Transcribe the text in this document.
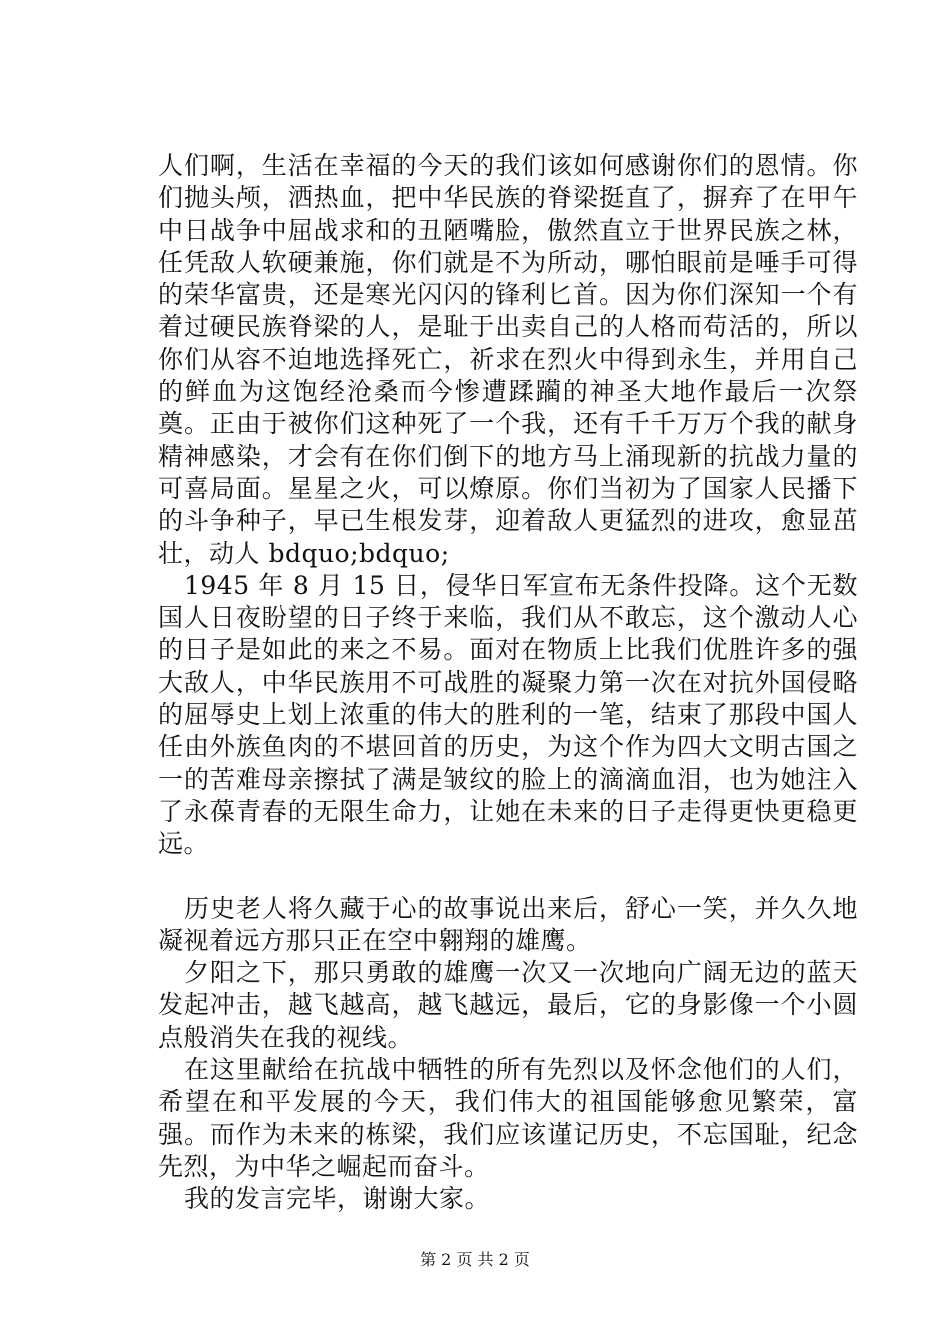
人们啊，生活在幸福的今天的我们该如何感谢你们的恩情。你们抛头颅，洒热血，把中华民族的脊梁挺直了，摒弃了在甲午中日战争中屈战求和的丑陋嘴脸，傲然直立于世界民族之林，任凭敌人软硬兼施，你们就是不为所动，哪怕眼前是唾手可得的荣华富贵，还是寒光闪闪的锋利匕首。因为你们深知一个有着过硬民族脊梁的人，是耻于出卖自己的人格而苟活的，所以你们从容不迫地选择死亡，祈求在烈火中得到永生，并用自己的鲜血为这饱经沧桑而今惨遭蹂躏的神圣大地作最后一次祭奠。正由于被你们这种死了一个我，还有千千万万个我的献身精神感染，才会有在你们倒下的地方马上涌现新的抗战力量的可喜局面。星星之火，可以燎原。你们当初为了国家人民播下的斗争种子，早已生根发芽，迎着敌人更猛烈的进攻，愈显茁壮，动人 bdquo;bdquo;

1945 年 8 月 15 日，侵华日军宣布无条件投降。这个无数国人日夜盼望的日子终于来临，我们从不敢忘，这个激动人心的日子是如此的来之不易。面对在物质上比我们优胜许多的强大敌人，中华民族用不可战胜的凝聚力第一次在对抗外国侵略的屈辱史上划上浓重的伟大的胜利的一笔，结束了那段中国人任由外族鱼肉的不堪回首的历史，为这个作为四大文明古国之一的苦难母亲擦拭了满是皱纹的脸上的滴滴血泪，也为她注入了永葆青春的无限生命力，让她在未来的日子走得更快更稳更远。

历史老人将久藏于心的故事说出来后，舒心一笑，并久久地凝视着远方那只正在空中翱翔的雄鹰。

夕阳之下，那只勇敢的雄鹰一次又一次地向广阔无边的蓝天发起冲击，越飞越高，越飞越远，最后，它的身影像一个小圆点般消失在我的视线。

在这里献给在抗战中牺牲的所有先烈以及怀念他们的人们，希望在和平发展的今天，我们伟大的祖国能够愈见繁荣，富强。而作为未来的栋梁，我们应该谨记历史，不忘国耻，纪念先烈，为中华之崛起而奋斗。

我的发言完毕，谢谢大家。

第 2 页 共 2 页
